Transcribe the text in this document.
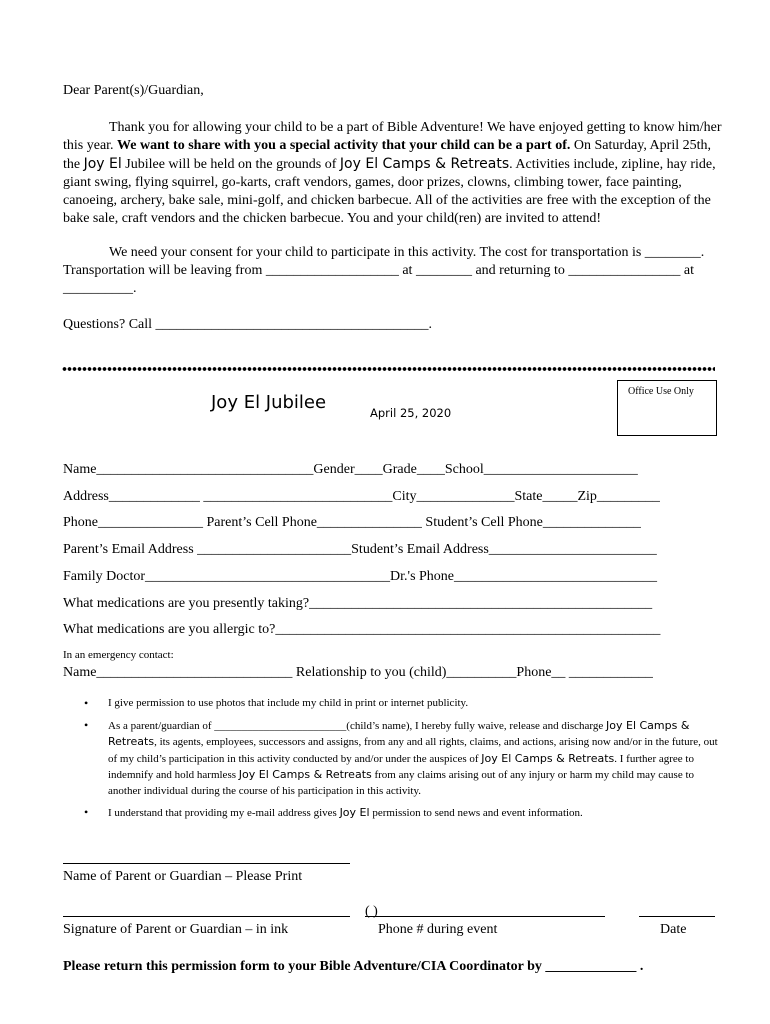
Dear Parent(s)/Guardian,
Thank you for allowing your child to be a part of Bible Adventure! We have enjoyed getting to know him/her this year. We want to share with you a special activity that your child can be a part of. On Saturday, April 25th, the Joy El Jubilee will be held on the grounds of Joy El Camps & Retreats. Activities include, zipline, hay ride, giant swing, flying squirrel, go-karts, craft vendors, games, door prizes, clowns, climbing tower, face painting, canoeing, archery, bake sale, mini-golf, and chicken barbecue. All of the activities are free with the exception of the bake sale, craft vendors and the chicken barbecue. You and your child(ren) are invited to attend!
We need your consent for your child to participate in this activity. The cost for transportation is ________. Transportation will be leaving from ___________________ at ________ and returning to ________________ at __________.
Questions? Call _______________________________________.
Joy El Jubilee	April 25, 2020
Office Use Only
Name_______________________________Gender____Grade____School______________________
Address_____________ ___________________________City______________State_____Zip_________
Phone_______________ Parent’s Cell Phone_______________ Student’s Cell Phone______________
Parent’s Email Address ______________________Student’s Email Address________________________
Family Doctor___________________________________Dr.'s Phone_____________________________
What medications are you presently taking?_________________________________________________
What medications are you allergic to?_______________________________________________________
In an emergency contact:
Name____________________________ Relationship to you (child)__________Phone__ ____________
• I give permission to use photos that include my child in print or internet publicity.
• As a parent/guardian of ________________________(child’s name), I hereby fully waive, release and discharge Joy El Camps & Retreats, its agents, employees, successors and assigns, from any and all rights, claims, and actions, arising now and/or in the future, out of my child’s participation in this activity conducted by and/or under the auspices of Joy El Camps & Retreats. I further agree to indemnify and hold harmless Joy El Camps & Retreats from any claims arising out of any injury or harm my child may cause to another individual during the course of his participation in this activity.
• I understand that providing my e-mail address gives Joy El permission to send news and event information.
Name of Parent or Guardian – Please Print
Signature of Parent or Guardian – in ink
( )
Phone # during event	Date
Please return this permission form to your Bible Adventure/CIA Coordinator by _____________ .
